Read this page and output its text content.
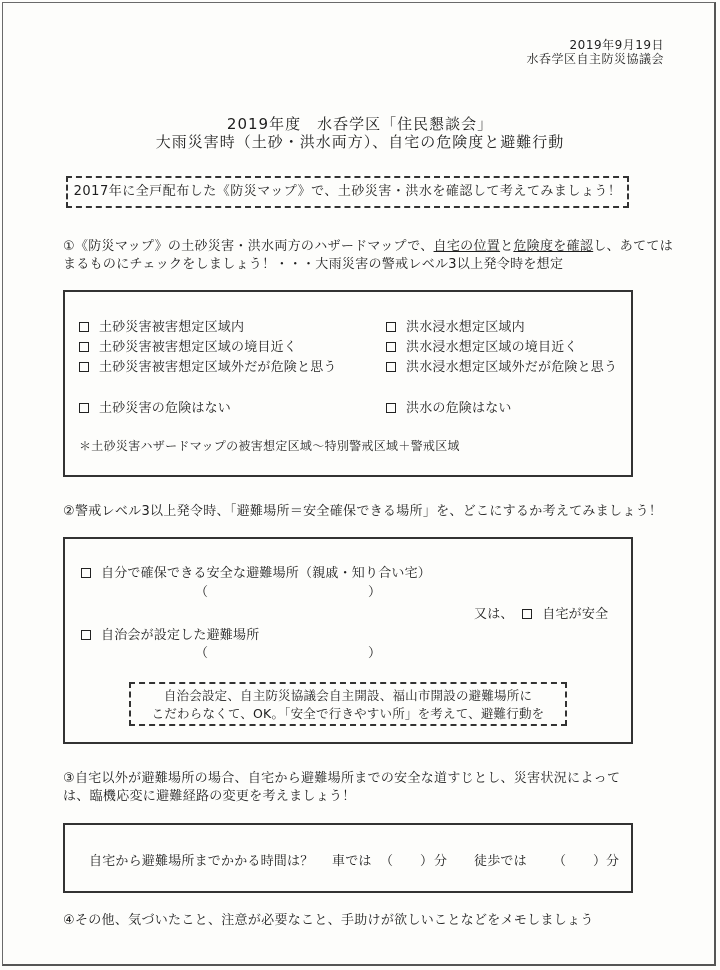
2019年9月19日
水呑学区自主防災協議会
2019年度　水呑学区「住民懇談会」
大雨災害時（土砂・洪水両方）、自宅の危険度と避難行動
2017年に全戸配布した《防災マップ》で、土砂災害・洪水を確認して考えてみましょう！
①《防災マップ》の土砂災害・洪水両方のハザードマップで、自宅の位置と危険度を確認し、あてては
まるものにチェックをしましょう！・・・大雨災害の警戒レベル3以上発令時を想定
土砂災害被害想定区域内
土砂災害被害想定区域の境目近く
土砂災害被害想定区域外だが危険と思う
土砂災害の危険はない
洪水浸水想定区域内
洪水浸水想定区域の境目近く
洪水浸水想定区域外だが危険と思う
洪水の危険はない
＊土砂災害ハザードマップの被害想定区域～特別警戒区域＋警戒区域
②警戒レベル3以上発令時、「避難場所＝安全確保できる場所」を、どこにするか考えてみましょう！
自分で確保できる安全な避難場所（親戚・知り合い宅）
（	）
又は、 自宅が安全
自治会が設定した避難場所
（	）
自治会設定、自主防災協議会自主開設、福山市開設の避難場所に
こだわらなくて、OK。「安全で行きやすい所」を考えて、避難行動を
③自宅以外が避難場所の場合、自宅から避難場所までの安全な道すじとし、災害状況によって
は、臨機応変に避難経路の変更を考えましょう！
自宅から避難場所までかかる時間は？ 車では （ ） 分 徒歩では （ ） 分
④その他、気づいたこと、注意が必要なこと、手助けが欲しいことなどをメモしましょう
